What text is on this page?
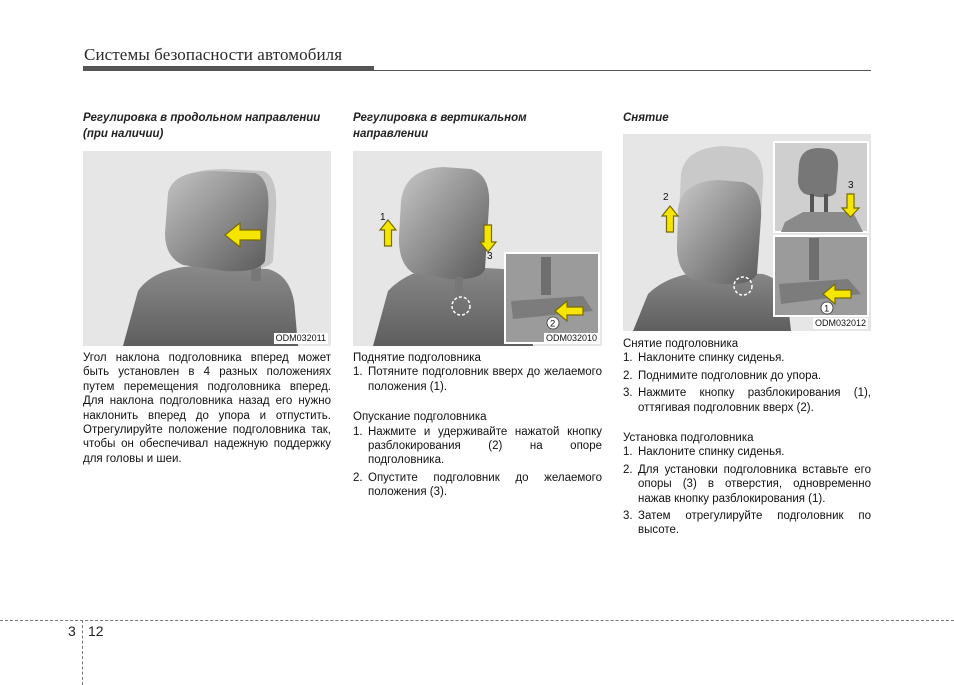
Системы безопасности автомобиля

Регулировка в продольном направлении (при наличии)

ODM032011

Угол наклона подголовника вперед может быть установлен в 4 разных положениях путем перемещения подголовника вперед. Для наклона подголовника назад его нужно наклонить вперед до упора и отпустить. Отрегулируйте положение подголовника так, чтобы он обеспечивал надежную поддержку для головы и шеи.

Регулировка в вертикальном направлении

1
3
2
ODM032010

Поднятие подголовника

1. Потяните подголовник вверх до желаемого положения (1).

Опускание подголовника

1. Нажмите и удерживайте нажатой кнопку разблокирования (2) на опоре подголовника.
2. Опустите подголовник до желаемого положения (3).

Снятие

2
3
1
ODM032012

Снятие подголовника

1. Наклоните спинку сиденья.
2. Поднимите подголовник до упора.
3. Нажмите кнопку разблокирования (1), оттягивая подголовник вверх (2).

Установка подголовника

1. Наклоните спинку сиденья.
2. Для установки подголовника вставьте его опоры (3) в отверстия, одновременно нажав кнопку разблокирования (1).
3. Затем отрегулируйте подголовник по высоте.
3 12
